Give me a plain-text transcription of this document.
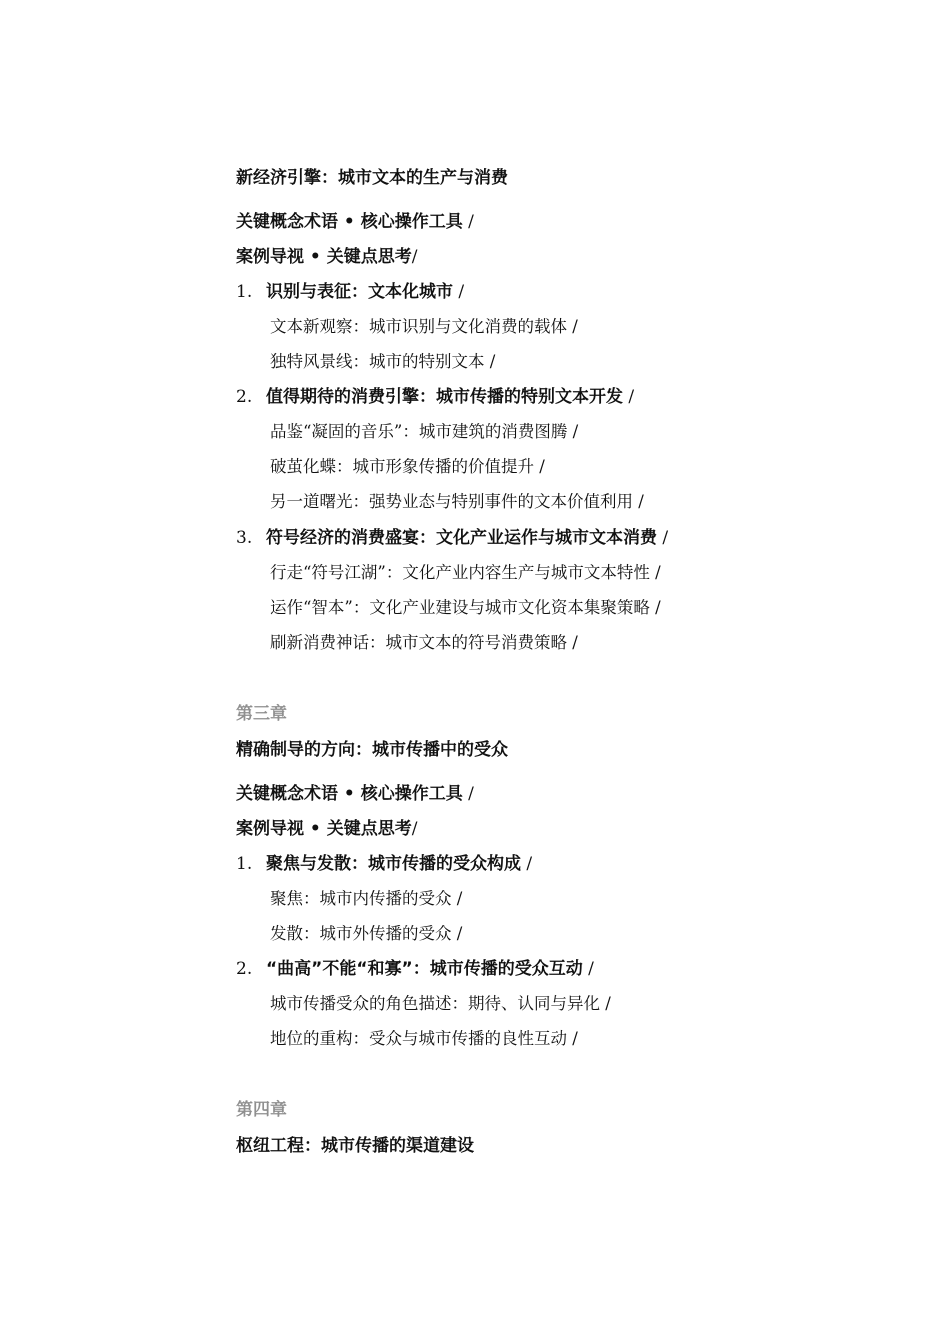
新经济引擎：城市文本的生产与消费
关键概念术语 • 核心操作工具 /
案例导视 • 关键点思考/
1. 识别与表征：文本化城市 /
文本新观察：城市识别与文化消费的载体 /
独特风景线：城市的特别文本 /
2. 值得期待的消费引擎：城市传播的特别文本开发 /
品鉴“凝固的音乐”：城市建筑的消费图腾 /
破茧化蝶：城市形象传播的价值提升 /
另一道曙光：强势业态与特别事件的文本价值利用 /
3. 符号经济的消费盛宴：文化产业运作与城市文本消费 /
行走“符号江湖”：文化产业内容生产与城市文本特性 /
运作“智本”：文化产业建设与城市文化资本集聚策略 /
刷新消费神话：城市文本的符号消费策略 /
第三章
精确制导的方向：城市传播中的受众
关键概念术语 • 核心操作工具 /
案例导视 • 关键点思考/
1. 聚焦与发散：城市传播的受众构成 /
聚焦：城市内传播的受众 /
发散：城市外传播的受众 /
2. “曲高”不能“和寡”：城市传播的受众互动 /
城市传播受众的角色描述：期待、认同与异化 /
地位的重构：受众与城市传播的良性互动 /
第四章
枢纽工程：城市传播的渠道建设
